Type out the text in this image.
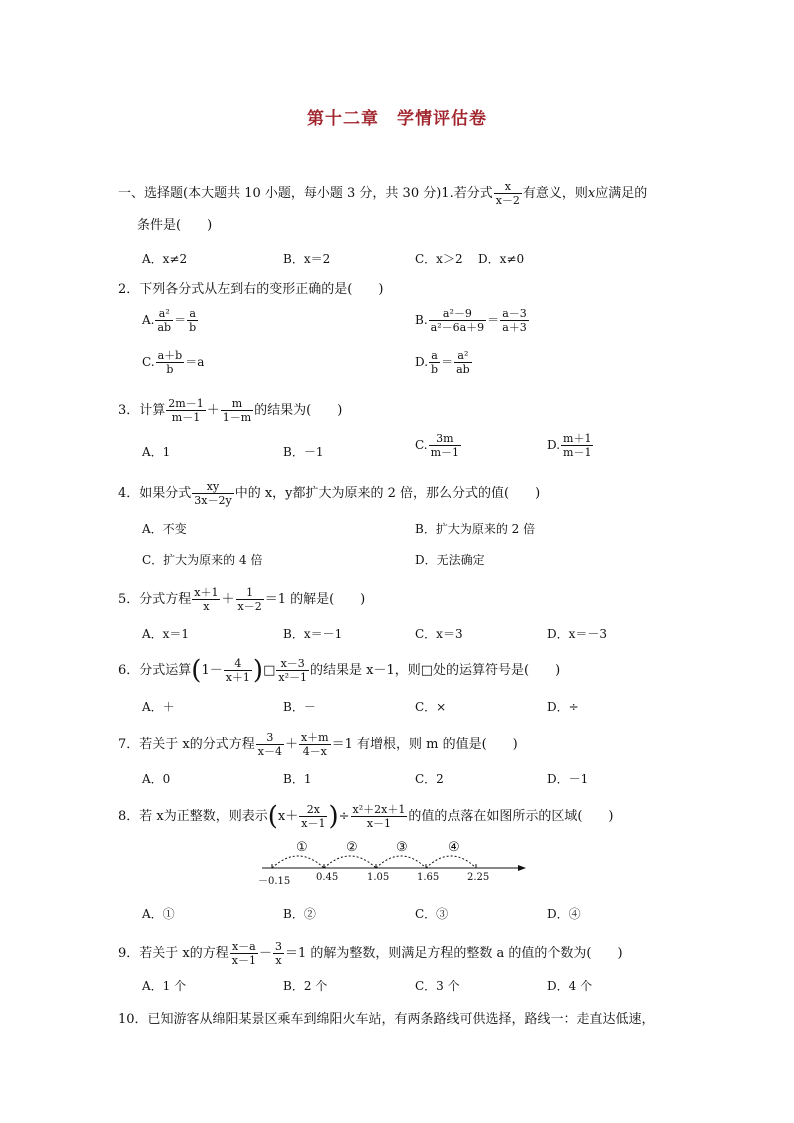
第十二章　学情评估卷
一、选择题(本大题共 10 小题，每小题 3 分，共 30 分)1.若分式 $\frac{x}{x-2}$ 有意义，则x应满足的
条件是(　　)
A．x≠2	B．x＝2	C．x＞2 D．x≠0
2．下列各分式从左到右的变形正确的是(　　)
A. $\frac{\text{a²}}{ab} = \frac{a}{b}$	B. $\frac{\text{a²－9}}{\text{a²－6a＋9}} = \frac{a-3}{a+3}$
C. $\frac{a+b}{b} =a$	D. $\frac{a}{b} = \frac{\text{a²}}{ab}$
3．计算 $\frac{2m-1}{m-1} + \frac{m}{1-m}$ 的结果为(　　)
A．1	B．－1	C. $\frac{3m}{m-1}$	D. $\frac{m+1}{m-1}$
4．如果分式 $\frac{xy}{3x-2y}$ 中的 x，y都扩大为原来的 2 倍，那么分式的值(　　)
A．不变	B．扩大为原来的 2 倍
C．扩大为原来的 4 倍	D．无法确定
5．分式方程 $\frac{x+1}{x} + \frac{1}{x-2} =1$ 的解是(　　)
A．x＝1	B．x＝－1	C．x＝3	D．x＝－3
6．分式运算($1- \frac{4}{x+1}$ )□ $\frac{x-3}{\text{x²－1}}$ 的结果是 x－1，则□处的运算符号是(　　)
A．＋	B．－	C．×	D．÷
7．若关于 x的分式方程 $\frac{3}{x-4} + \frac{x+m}{4-x} =1$ 有增根，则 m 的值是(　　)
A．0	B．1	C．2	D．－1
8．若 x为正整数，则表示($x+ \frac{2x}{x-1}$ )÷ $\frac{\text{x²＋2x＋1}}{x-1}$ 的值的点落在如图所示的区域(　　)
－0.15	0.45	1.05	1.65	2.25
①	②	③	④
A．①	B．②	C．③	D．④
9．若关于 x的方程 $\frac{x-a}{x-1} - \frac{3}{x} =1$ 的解为整数，则满足方程的整数 a 的值的个数为(　　)
A．1 个	B．2 个	C．3 个	D．4 个
10．已知游客从绵阳某景区乘车到绵阳火车站，有两条路线可供选择，路线一：走直达低速，
